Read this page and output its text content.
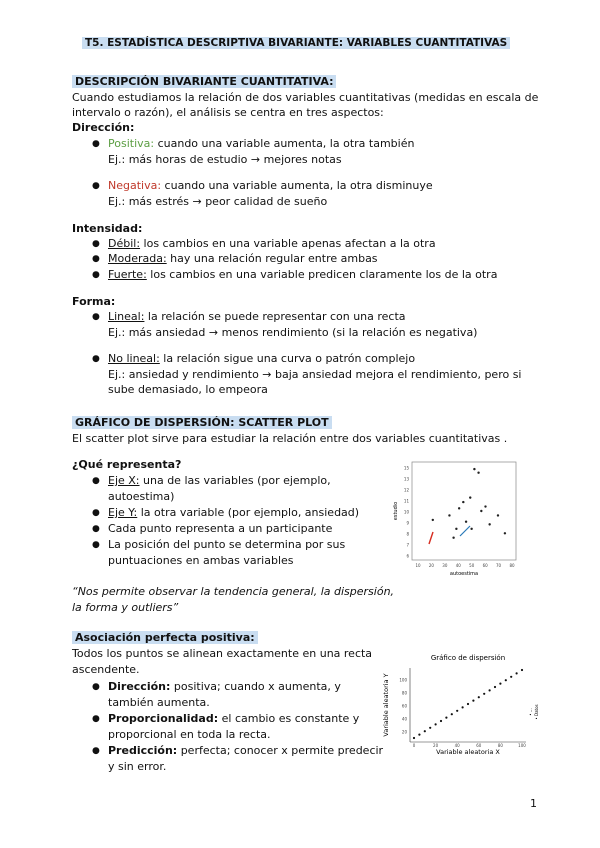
T5. ESTADÍSTICA DESCRIPTIVA BIVARIANTE: VARIABLES CUANTITATIVAS
DESCRIPCIÓN BIVARIANTE CUANTITATIVA:
Cuando estudiamos la relación de dos variables cuantitativas (medidas en escala de
intervalo o razón), el análisis se centra en tres aspectos:
Dirección:
● Positiva: cuando una variable aumenta, la otra también
Ej.: más horas de estudio → mejores notas
● Negativa: cuando una variable aumenta, la otra disminuye
Ej.: más estrés → peor calidad de sueño
Intensidad:
● Débil: los cambios en una variable apenas afectan a la otra
● Moderada: hay una relación regular entre ambas
● Fuerte: los cambios en una variable predicen claramente los de la otra
Forma:
● Lineal: la relación se puede representar con una recta
Ej.: más ansiedad → menos rendimiento (si la relación es negativa)
● No lineal: la relación sigue una curva o patrón complejo
Ej.: ansiedad y rendimiento → baja ansiedad mejora el rendimiento, pero si
sube demasiado, lo empeora
GRÁFICO DE DISPERSIÓN: SCATTER PLOT
El scatter plot sirve para estudiar la relación entre dos variables cuantitativas .
¿Qué representa?
● Eje X: una de las variables (por ejemplo,
autoestima)
● Eje Y: la otra variable (por ejemplo, ansiedad)
● Cada punto representa a un participante
● La posición del punto se determina por sus
puntuaciones en ambas variables
“Nos permite observar la tendencia general, la dispersión,
la forma y outliers”
15
13
12
11
10
9
8
7
6
10 20 30 40 50 60 70 80
estudio
autoestima
Asociación perfecta positiva:
Todos los puntos se alinean exactamente en una recta
ascendente.
● Dirección: positiva; cuando x aumenta, y
también aumenta.
● Proporcionalidad: el cambio es constante y
proporcional en toda la recta.
● Predicción: perfecta; conocer x permite predecir
y sin error.
Gráfico de dispersión
100
80
60
40
20
0	20	40	60	80	100
Variable aleatoria Y
Variable aleatoria X
• ... • Datos
1
